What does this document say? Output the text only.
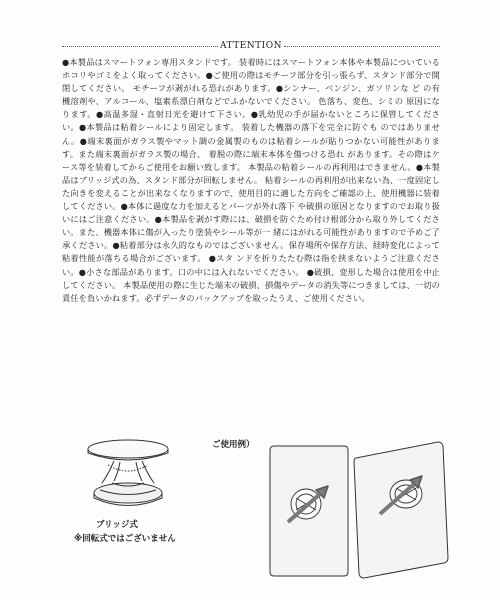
ATTENTION

●本製品はスマートフォン専用スタンドです。 装着時にはスマートフォン本体や本製品についているホコリやゴミをよく取ってください。●ご使用の際はモチーフ部分を引っ張らず、スタンド部分で開閉してください。 モチーフが剥がれる恐れがあります。●シンナー、ベンジン、ガソリンな ど の有機溶剤や、アルコール、塩素系漂白剤などでふかないでください。 色落ち、変色、シミの 原因になります。●高温多湿・直射日光を避けて下さい。●乳幼児の手が届かないところに保管してください。●本製品は粘着シールにより固定します。 装着した機器の落下を完全に防ぐも のではありません。●端末裏面がガラス製やマット調の金属製のものは粘着シールが貼りつかない可能性があります。また端末裏面がガラス製の場合、 着脱の際に端末本体を傷つける恐れ があります。その際はケース等を装着してからご使用をお願い致します。 本製品の粘着シールの再利用はできません。●本製品はブリッジ式の為、スタンド部分が回転しません。 粘着シールの再利用が出来ない為、一度固定した向きを変えることが出来なくなりますので、使用目的に適した方向をご確認の上、使用機器に装着してください。●本体に過度な力を加えるとパーツが外れ落下 や破損の原因となりますのでお取り扱いにはご注意ください。●本製品を剥がす際には、破損を防ぐため付け根部分から取り外してください。また、機器本体に傷が入ったり塗装やシール等が一 緒にはがれる可能性がありますので予めご了承ください。●粘着部分は永久的なものではございません。保存場所や保存方法、経時変化によって粘着性能が落ちる場合がございます。 ●スタ ンドを折りたたむ際は指を挟まないようご注意ください。●小さな部品があります。口の中には入れないでください。 ●破損、変形した場合は使用を中止してください。 本製品使用の際に生じた端末の破損、損傷やデータの消失等につきましては、一切の責任を負いかねます。必ずデータのバックアップを取ったうえ、ご使用ください。

ブリッジ式
※回転式ではございません
ご使用例）
